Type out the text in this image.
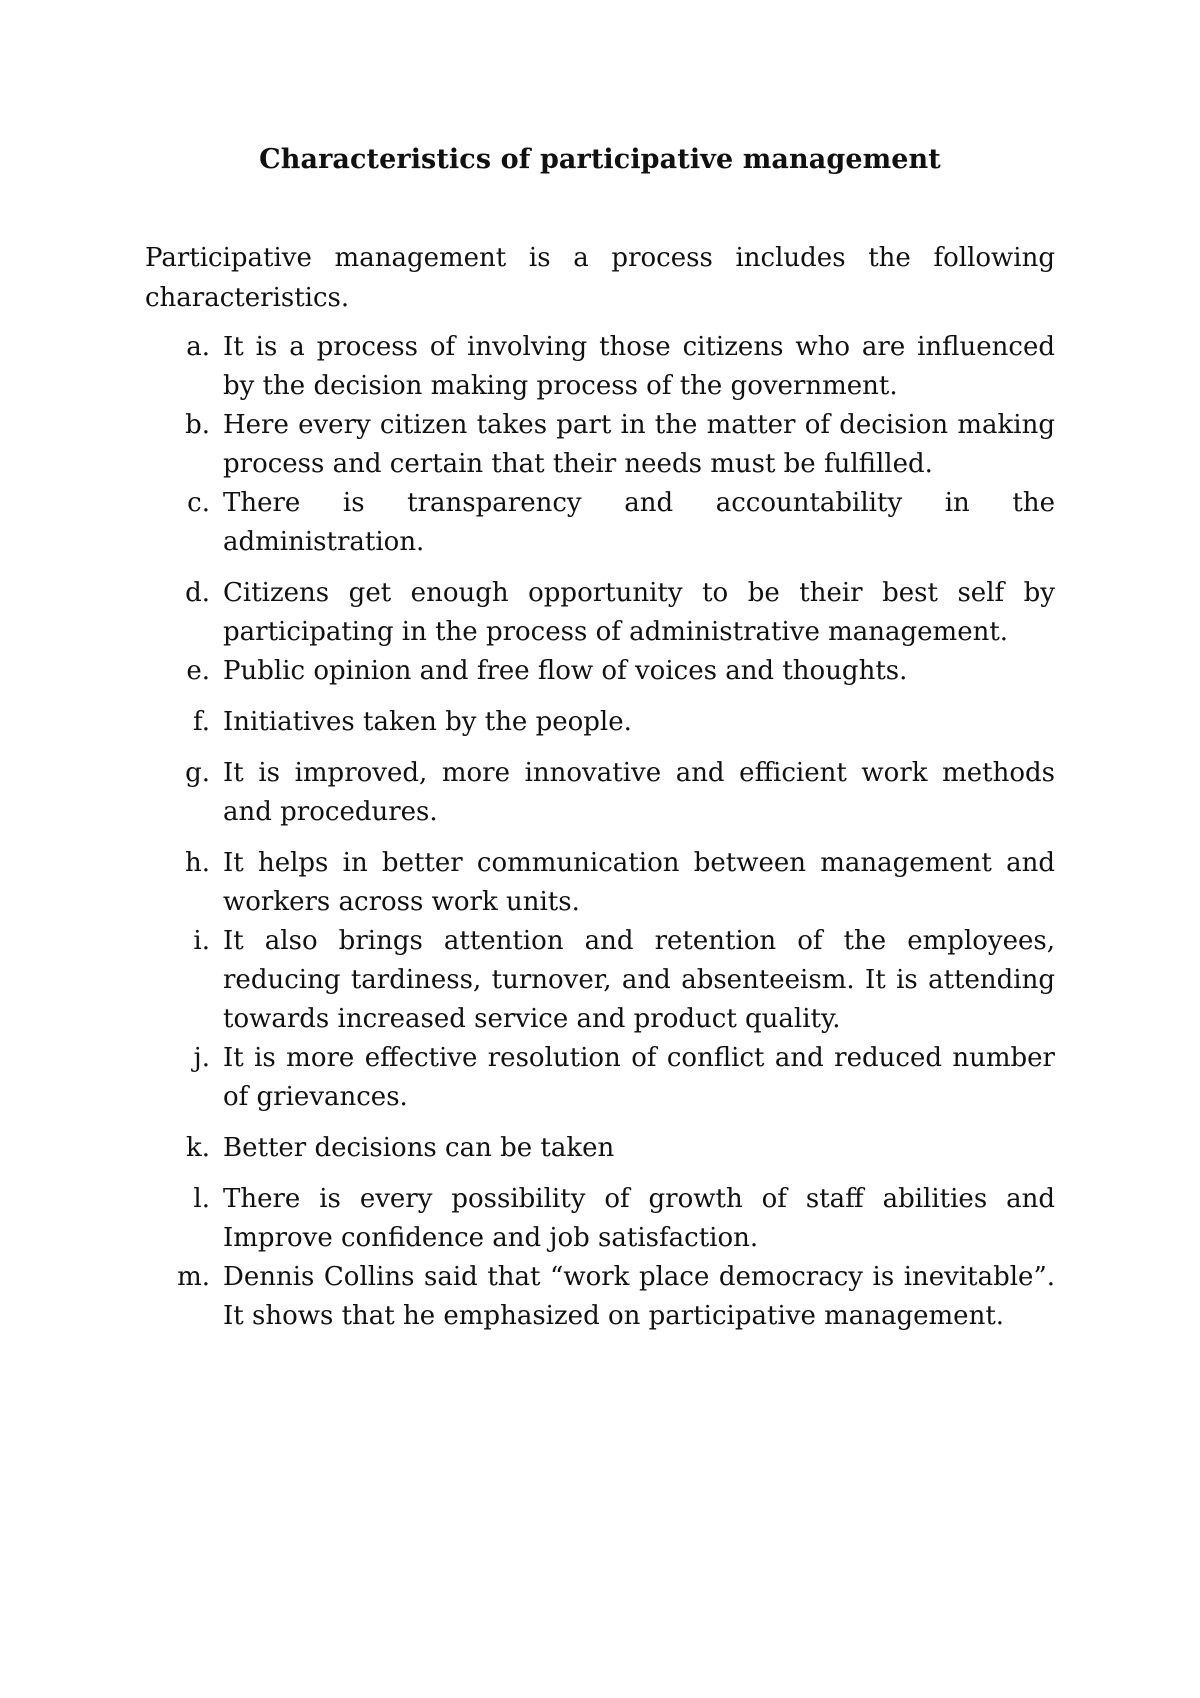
Characteristics of participative management

Participative management is a process includes the following characteristics.

a. It is a process of involving those citizens who are influenced by the decision making process of the government.
b. Here every citizen takes part in the matter of decision making process and certain that their needs must be fulfilled.
c. There is transparency and accountability in the administration.
d. Citizens get enough opportunity to be their best self by participating in the process of administrative management.
e. Public opinion and free flow of voices and thoughts.
f. Initiatives taken by the people.
g. It is improved, more innovative and efficient work methods and procedures.
h. It helps in better communication between management and workers across work units.
i. It also brings attention and retention of the employees, reducing tardiness, turnover, and absenteeism. It is attending towards increased service and product quality.
j. It is more effective resolution of conflict and reduced number of grievances.
k. Better decisions can be taken
l. There is every possibility of growth of staff abilities and Improve confidence and job satisfaction.
m. Dennis Collins said that “work place democracy is inevitable”. It shows that he emphasized on participative management.
